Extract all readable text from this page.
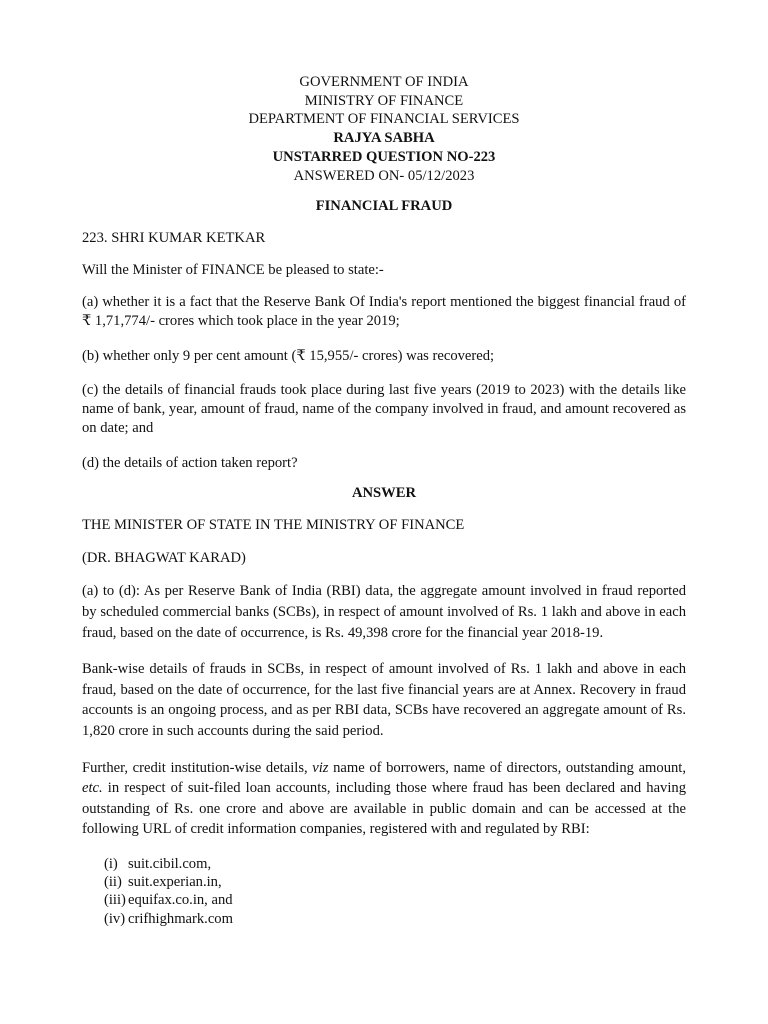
GOVERNMENT OF INDIA
MINISTRY OF FINANCE
DEPARTMENT OF FINANCIAL SERVICES
RAJYA SABHA
UNSTARRED QUESTION NO-223
ANSWERED ON- 05/12/2023
FINANCIAL FRAUD

223. SHRI KUMAR KETKAR

Will the Minister of FINANCE be pleased to state:-

(a) whether it is a fact that the Reserve Bank Of India's report mentioned the biggest financial fraud of ₹ 1,71,774/- crores which took place in the year 2019;

(b) whether only 9 per cent amount (₹ 15,955/- crores) was recovered;

(c) the details of financial frauds took place during last five years (2019 to 2023) with the details like name of bank, year, amount of fraud, name of the company involved in fraud, and amount recovered as on date; and

(d) the details of action taken report?

ANSWER

THE MINISTER OF STATE IN THE MINISTRY OF FINANCE

(DR. BHAGWAT KARAD)

(a) to (d): As per Reserve Bank of India (RBI) data, the aggregate amount involved in fraud reported by scheduled commercial banks (SCBs), in respect of amount involved of Rs. 1 lakh and above in each fraud, based on the date of occurrence, is Rs. 49,398 crore for the financial year 2018-19.

Bank-wise details of frauds in SCBs, in respect of amount involved of Rs. 1 lakh and above in each fraud, based on the date of occurrence, for the last five financial years are at Annex. Recovery in fraud accounts is an ongoing process, and as per RBI data, SCBs have recovered an aggregate amount of Rs. 1,820 crore in such accounts during the said period.

Further, credit institution-wise details, viz name of borrowers, name of directors, outstanding amount, etc. in respect of suit-filed loan accounts, including those where fraud has been declared and having outstanding of Rs. one crore and above are available in public domain and can be accessed at the following URL of credit information companies, registered with and regulated by RBI:

(i) suit.cibil.com,
(ii) suit.experian.in,
(iii) equifax.co.in, and
(iv) crifhighmark.com
